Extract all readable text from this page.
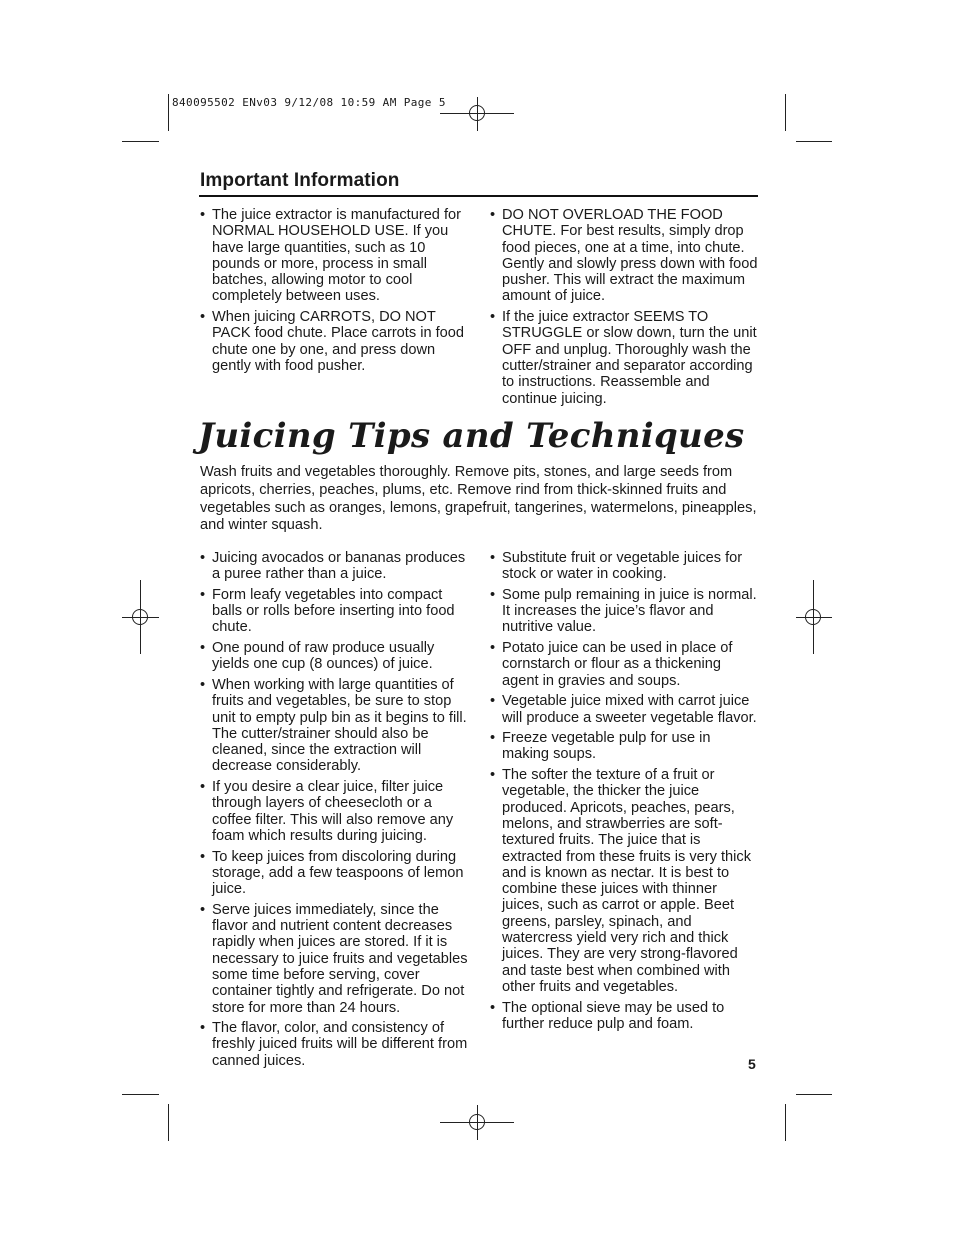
840095502 ENv03 9/12/08 10:59 AM Page 5
Important Information
• The juice extractor is manufactured for NORMAL HOUSEHOLD USE. If you have large quantities, such as 10 pounds or more, process in small batches, allowing motor to cool completely between uses.
• When juicing CARROTS, DO NOT PACK food chute. Place carrots in food chute one by one, and press down gently with food pusher.
• DO NOT OVERLOAD THE FOOD CHUTE. For best results, simply drop food pieces, one at a time, into chute. Gently and slowly press down with food pusher. This will extract the maximum amount of juice.
• If the juice extractor SEEMS TO STRUGGLE or slow down, turn the unit OFF and unplug. Thoroughly wash the cutter/strainer and separator according to instructions. Reassemble and continue juicing.
Juicing Tips and Techniques
Wash fruits and vegetables thoroughly. Remove pits, stones, and large seeds from apricots, cherries, peaches, plums, etc. Remove rind from thick-skinned fruits and vegetables such as oranges, lemons, grapefruit, tangerines, watermelons, pineapples, and winter squash.
• Juicing avocados or bananas produces a puree rather than a juice.
• Form leafy vegetables into compact balls or rolls before inserting into food chute.
• One pound of raw produce usually yields one cup (8 ounces) of juice.
• When working with large quantities of fruits and vegetables, be sure to stop unit to empty pulp bin as it begins to fill. The cutter/strainer should also be cleaned, since the extraction will decrease considerably.
• If you desire a clear juice, filter juice through layers of cheesecloth or a coffee filter. This will also remove any foam which results during juicing.
• To keep juices from discoloring during storage, add a few teaspoons of lemon juice.
• Serve juices immediately, since the flavor and nutrient content decreases rapidly when juices are stored. If it is necessary to juice fruits and vegetables some time before serving, cover container tightly and refrigerate. Do not store for more than 24 hours.
• The flavor, color, and consistency of freshly juiced fruits will be different from canned juices.
• Substitute fruit or vegetable juices for stock or water in cooking.
• Some pulp remaining in juice is normal. It increases the juice’s flavor and nutritive value.
• Potato juice can be used in place of cornstarch or flour as a thickening agent in gravies and soups.
• Vegetable juice mixed with carrot juice will produce a sweeter vegetable flavor.
• Freeze vegetable pulp for use in making soups.
• The softer the texture of a fruit or vegetable, the thicker the juice produced. Apricots, peaches, pears, melons, and strawberries are soft-textured fruits. The juice that is extracted from these fruits is very thick and is known as nectar. It is best to combine these juices with thinner juices, such as carrot or apple. Beet greens, parsley, spinach, and watercress yield very rich and thick juices. They are very strong-flavored and taste best when combined with other fruits and vegetables.
• The optional sieve may be used to further reduce pulp and foam.
5
